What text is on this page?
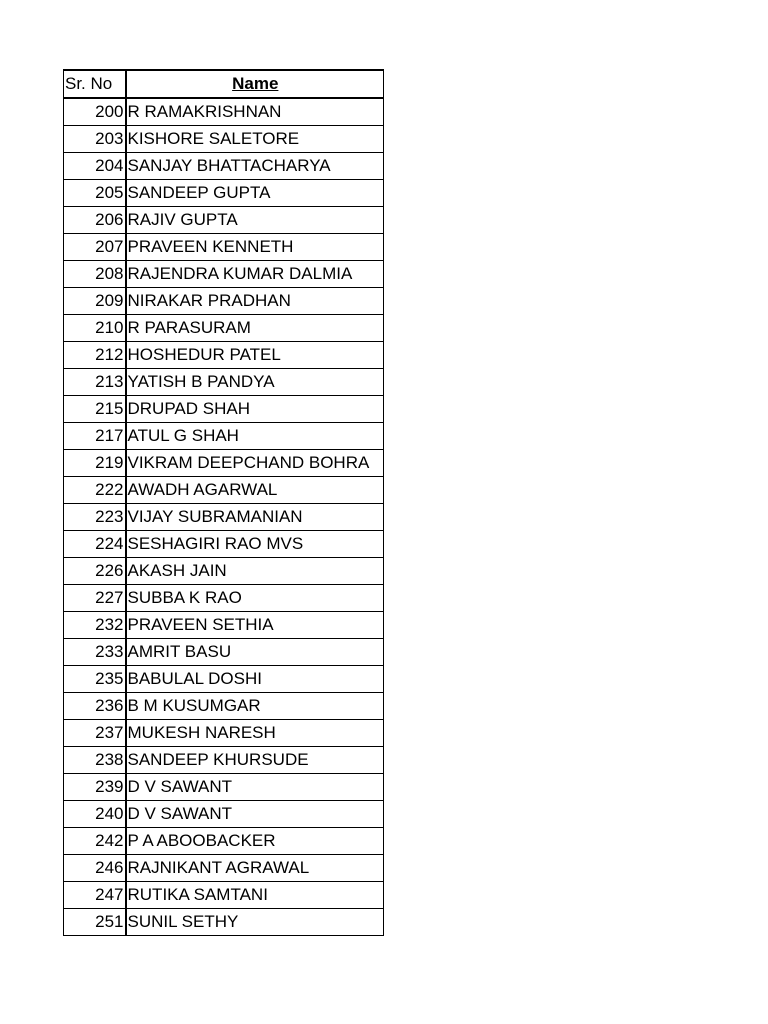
Sr. No	Name
200	R RAMAKRISHNAN
203	KISHORE SALETORE
204	SANJAY BHATTACHARYA
205	SANDEEP GUPTA
206	RAJIV GUPTA
207	PRAVEEN KENNETH
208	RAJENDRA KUMAR DALMIA
209	NIRAKAR PRADHAN
210	R PARASURAM
212	HOSHEDUR PATEL
213	YATISH B PANDYA
215	DRUPAD SHAH
217	ATUL G SHAH
219	VIKRAM DEEPCHAND BOHRA
222	AWADH AGARWAL
223	VIJAY SUBRAMANIAN
224	SESHAGIRI RAO MVS
226	AKASH JAIN
227	SUBBA K RAO
232	PRAVEEN SETHIA
233	AMRIT BASU
235	BABULAL DOSHI
236	B M KUSUMGAR
237	MUKESH NARESH
238	SANDEEP KHURSUDE
239	D V SAWANT
240	D V SAWANT
242	P A ABOOBACKER
246	RAJNIKANT AGRAWAL
247	RUTIKA SAMTANI
251	SUNIL SETHY
